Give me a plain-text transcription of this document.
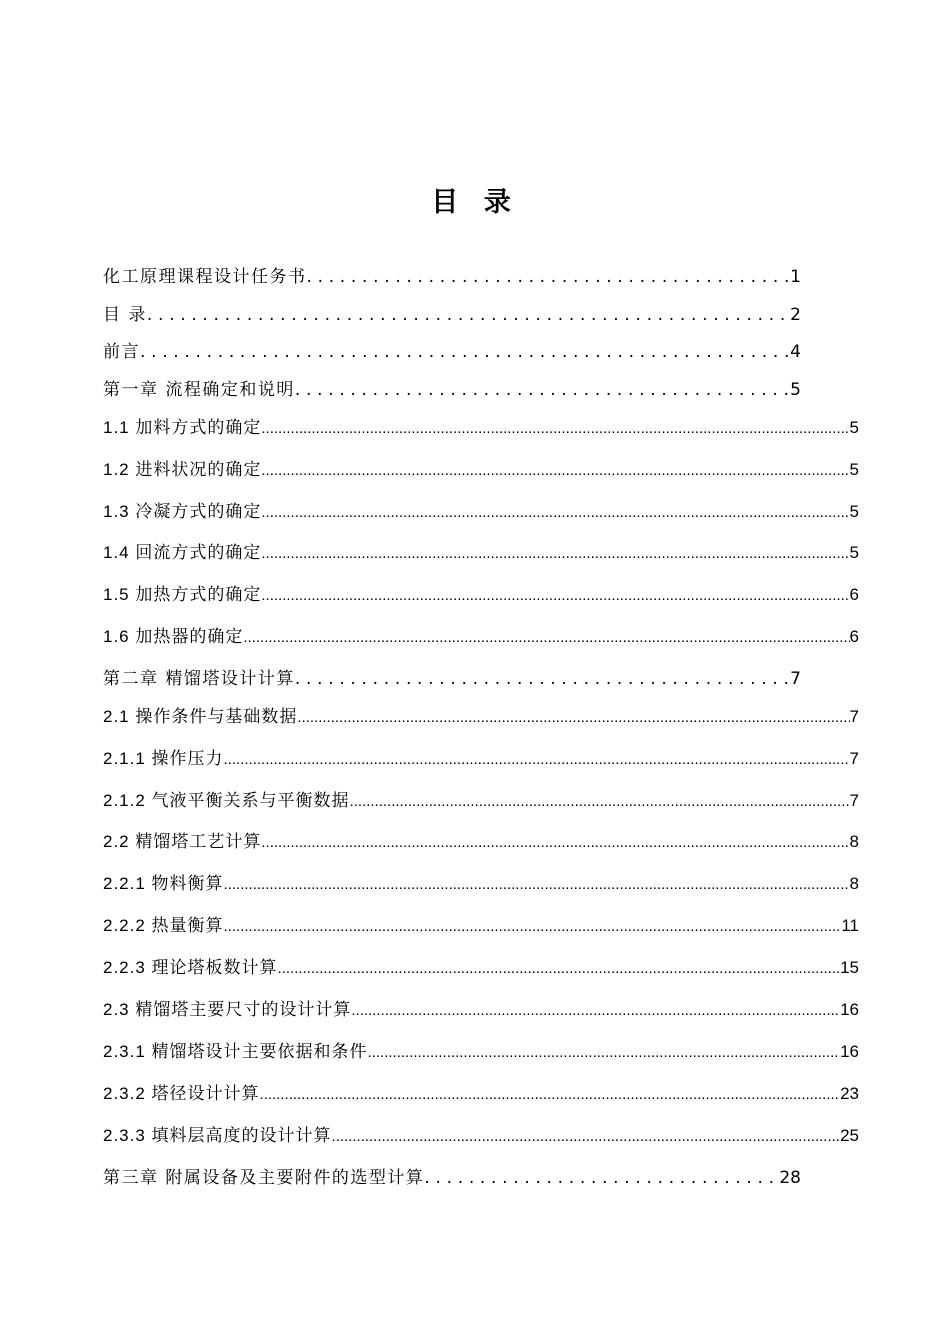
目 录
化工原理课程设计任务书 .....	1
目 录 .....	2
前言 .....	4
第一章 流程确定和说明 .....	5
1.1 加料方式的确定 .....	5
1.2 进料状况的确定 .....	5
1.3 冷凝方式的确定 .....	5
1.4 回流方式的确定 .....	5
1.5 加热方式的确定 .....	6
1.6 加热器的确定 .....	6
第二章 精馏塔设计计算 .....	7
2.1 操作条件与基础数据 .....	7
2.1.1 操作压力 .....	7
2.1.2 气液平衡关系与平衡数据 .....	7
2.2 精馏塔工艺计算 .....	8
2.2.1 物料衡算 .....	8
2.2.2 热量衡算 .....	11
2.2.3 理论塔板数计算 .....	15
2.3 精馏塔主要尺寸的设计计算 .....	16
2.3.1 精馏塔设计主要依据和条件 .....	16
2.3.2 塔径设计计算 .....	23
2.3.3 填料层高度的设计计算 .....	25
第三章 附属设备及主要附件的选型计算 .....	28
